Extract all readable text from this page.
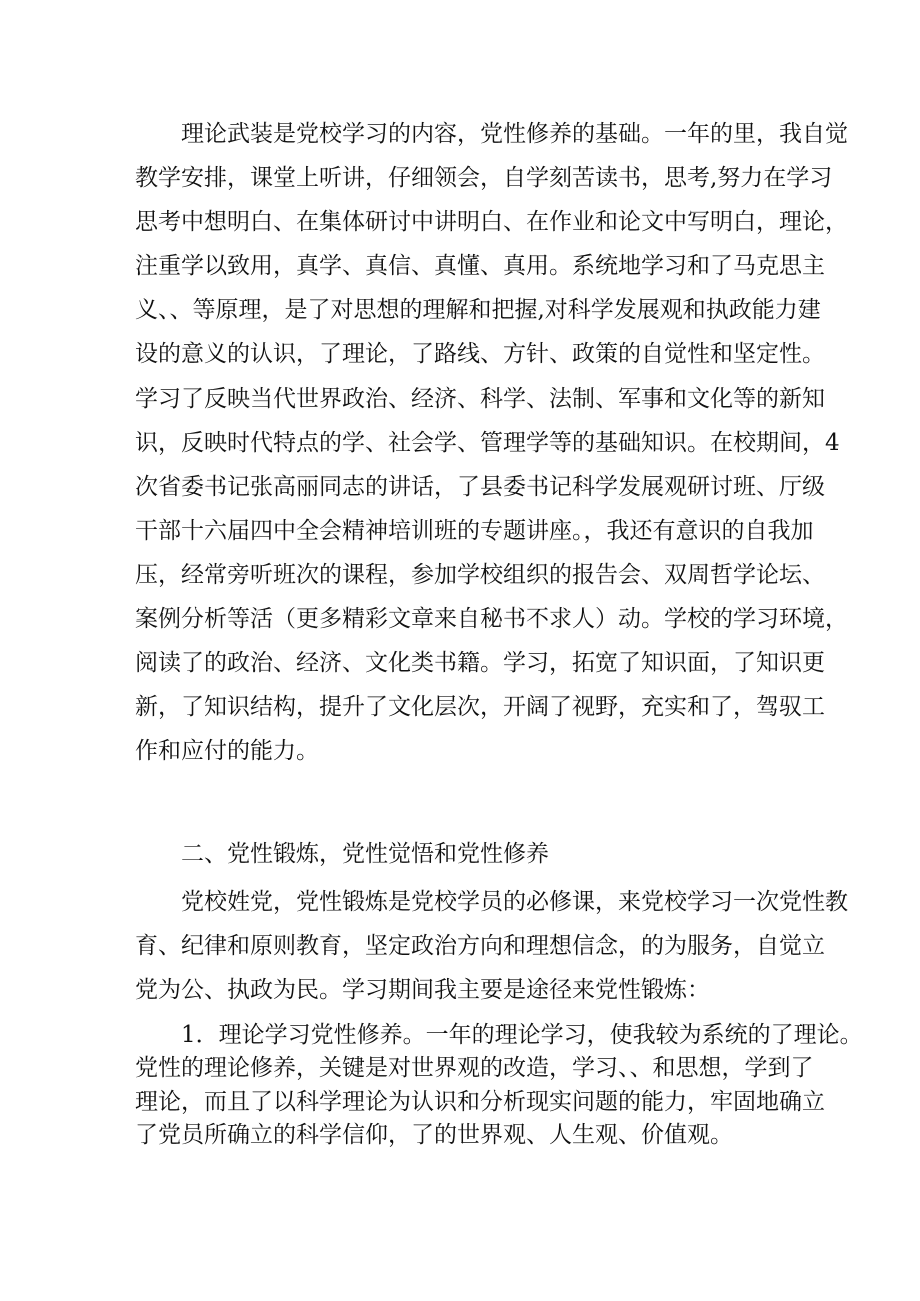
　　理论武装是党校学习的内容，党性修养的基础。一年的里，我自觉
教学安排，课堂上听讲，仔细领会，自学刻苦读书，思考,努力在学习
思考中想明白、在集体研讨中讲明白、在作业和论文中写明白，理论，
注重学以致用，真学、真信、真懂、真用。系统地学习和了马克思主
义、、等原理，是了对思想的理解和把握,对科学发展观和执政能力建
设的意义的认识，了理论，了路线、方针、政策的自觉性和坚定性。
学习了反映当代世界政治、经济、科学、法制、军事和文化等的新知
识，反映时代特点的学、社会学、管理学等的基础知识。在校期间，4
次省委书记张高丽同志的讲话，了县委书记科学发展观研讨班、厅级
干部十六届四中全会精神培训班的专题讲座。，我还有意识的自我加
压，经常旁听班次的课程，参加学校组织的报告会、双周哲学论坛、
案例分析等活（更多精彩文章来自秘书不求人）动。学校的学习环境，
阅读了的政治、经济、文化类书籍。学习，拓宽了知识面，了知识更
新，了知识结构，提升了文化层次，开阔了视野，充实和了，驾驭工
作和应付的能力。

　　二、党性锻炼，党性觉悟和党性修养

　　党校姓党，党性锻炼是党校学员的必修课，来党校学习一次党性教
育、纪律和原则教育，坚定政治方向和理想信念，的为服务，自觉立
党为公、执政为民。学习期间我主要是途径来党性锻炼：

　　1．理论学习党性修养。一年的理论学习，使我较为系统的了理论。
党性的理论修养，关键是对世界观的改造，学习、、和思想，学到了
理论，而且了以科学理论为认识和分析现实问题的能力，牢固地确立
了党员所确立的科学信仰，了的世界观、人生观、价值观。
